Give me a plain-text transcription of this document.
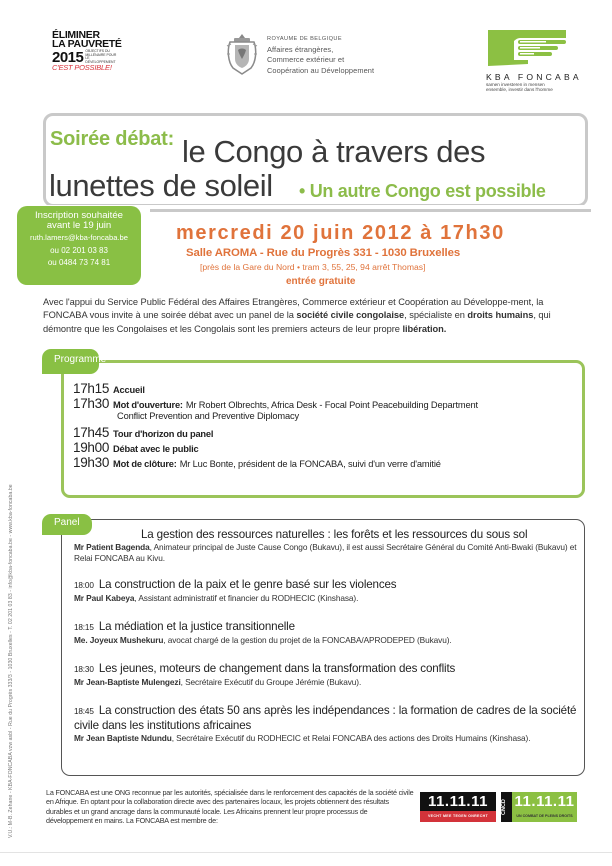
ÉLIMINER
LA PAUVRETÉ
2015 OBJECTIFS DU MILLÉNAIRE POUR LE DÉVELOPPEMENT
C'EST POSSIBLE!
ROYAUME DE BELGIQUE
Affaires étrangères,
Commerce extérieur et
Coopération au Développement
KBA FONCABA
samen investeren in mensen
ensemble, investir dans l'homme
Soirée débat: le Congo à travers des
lunettes de soleil • Un autre Congo est possible
Inscription souhaitée
avant le 19 juin
ruth.lamers@kba-foncaba.be
ou 02 201 03 83
ou 0484 73 74 81
mercredi 20 juin 2012 à 17h30
Salle AROMA - Rue du Progrès 331 - 1030 Bruxelles
[près de la Gare du Nord • tram 3, 55, 25, 94 arrêt Thomas]
entrée gratuite

Avec l'appui du Service Public Fédéral des Affaires Etrangères, Commerce extérieur et Coopération au Développe-ment, la FONCABA vous invite à une soirée débat avec un panel de la société civile congolaise, spécialiste en droits humains, qui démontre que les Congolaises et les Congolais sont les premiers acteurs de leur propre libération.

Programme
17h15 Accueil
17h30 Mot d'ouverture: Mr Robert Olbrechts, Africa Desk - Focal Point Peacebuilding Department
Conflict Prevention and Preventive Diplomacy
17h45 Tour d'horizon du panel
19h00 Débat avec le public
19h30 Mot de clôture: Mr Luc Bonte, président de la FONCABA, suivi d'un verre d'amitié
Panel
La gestion des ressources naturelles : les forêts et les ressources du sous sol
Mr Patient Bagenda, Animateur principal de Juste Cause Congo (Bukavu), il est aussi Secrétaire Général du Comité Anti-Bwaki (Bukavu) et Relai FONCABA au Kivu.
18:00 La construction de la paix et le genre basé sur les violences
Mr Paul Kabeya, Assistant administratif et financier du RODHECIC (Kinshasa).
18:15 La médiation et la justice transitionnelle
Me. Joyeux Mushekuru, avocat chargé de la gestion du projet de la FONCABA/APRODEPED (Bukavu).
18:30 Les jeunes, moteurs de changement dans la transformation des conflits
Mr Jean-Baptiste Mulengezi, Secrétaire Exécutif du Groupe Jérémie (Bukavu).
18:45 La construction des états 50 ans après les indépendances : la formation de cadres de la société civile dans les institutions africaines
Mr Jean Baptiste Ndundu, Secrétaire Exécutif du RODHECIC et Relai FONCABA des actions des Droits Humains (Kinshasa).
La FONCABA est une ONG reconnue par les autorités, spécialisée dans le renforcement des capacités de la société civile en Afrique. En optant pour la collaboration directe avec des partenaires locaux, les projets obtiennent des résultats durables et un grand ancrage dans la communauté locale. Les Africains prennent leur propre processus de développement en mains. La FONCABA est membre de:
11.11.11
VECHT MEE TEGEN ONRECHT
CNCD 11.11.11
UN COMBAT DE PLEINS DROITS
V.U.: M-B. Zehane - KBA-FONCABA vzw asbl - Rue du Progrès 333/3 - 1030 Bruxelles - T. 02 201 03 83 - info@kba-foncaba.be - www.kba-foncaba.be
